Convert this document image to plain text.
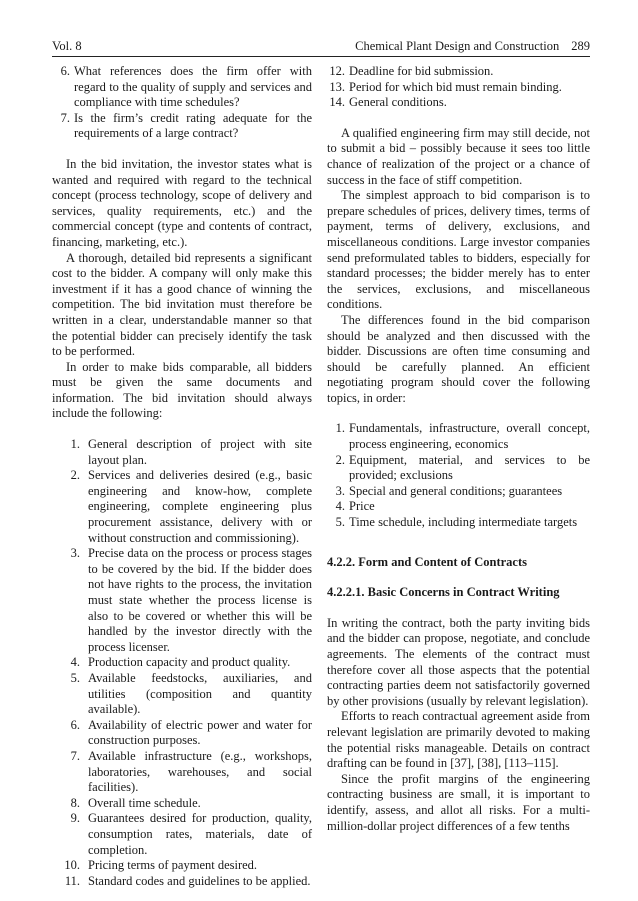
Vol. 8	Chemical Plant Design and Construction 289
6. What references does the firm offer with regard to the quality of supply and services and compliance with time schedules?
7. Is the firm’s credit rating adequate for the requirements of a large contract?

In the bid invitation, the investor states what is wanted and required with regard to the technical concept (process technology, scope of delivery and services, quality requirements, etc.) and the commercial concept (type and contents of contract, financing, marketing, etc.).

A thorough, detailed bid represents a significant cost to the bidder. A company will only make this investment if it has a good chance of winning the competition. The bid invitation must therefore be written in a clear, understandable manner so that the potential bidder can precisely identify the task to be performed.

In order to make bids comparable, all bidders must be given the same documents and information. The bid invitation should always include the following:

1. General description of project with site layout plan.
2. Services and deliveries desired (e.g., basic engineering and know-how, complete engineering, complete engineering plus procurement assistance, delivery with or without construction and commissioning).
3. Precise data on the process or process stages to be covered by the bid. If the bidder does not have rights to the process, the invitation must state whether the process license is also to be covered or whether this will be handled by the investor directly with the process licenser.
4. Production capacity and product quality.
5. Available feedstocks, auxiliaries, and utilities (composition and quantity available).
6. Availability of electric power and water for construction purposes.
7. Available infrastructure (e.g., workshops, laboratories, warehouses, and social facilities).
8. Overall time schedule.
9. Guarantees desired for production, quality, consumption rates, materials, date of completion.
10. Pricing terms of payment desired.
11. Standard codes and guidelines to be applied.
12. Deadline for bid submission.
13. Period for which bid must remain binding.
14. General conditions.

A qualified engineering firm may still decide, not to submit a bid – possibly because it sees too little chance of realization of the project or a chance of success in the face of stiff competition.

The simplest approach to bid comparison is to prepare schedules of prices, delivery times, terms of payment, terms of delivery, exclusions, and miscellaneous conditions. Large investor companies send preformulated tables to bidders, especially for standard processes; the bidder merely has to enter the services, exclusions, and miscellaneous conditions.

The differences found in the bid comparison should be analyzed and then discussed with the bidder. Discussions are often time consuming and should be carefully planned. An efficient negotiating program should cover the following topics, in order:

1. Fundamentals, infrastructure, overall concept, process engineering, economics
2. Equipment, material, and services to be provided; exclusions
3. Special and general conditions; guarantees
4. Price
5. Time schedule, including intermediate targets
4.2.2. Form and Content of Contracts
4.2.2.1. Basic Concerns in Contract Writing

In writing the contract, both the party inviting bids and the bidder can propose, negotiate, and conclude agreements. The elements of the contract must therefore cover all those aspects that the potential contracting parties deem not satisfactorily governed by other provisions (usually by relevant legislation).

Efforts to reach contractual agreement aside from relevant legislation are primarily devoted to making the potential risks manageable. Details on contract drafting can be found in [37], [38], [113–115].

Since the profit margins of the engineering contracting business are small, it is important to identify, assess, and allot all risks. For a multi-million-dollar project differences of a few tenths
